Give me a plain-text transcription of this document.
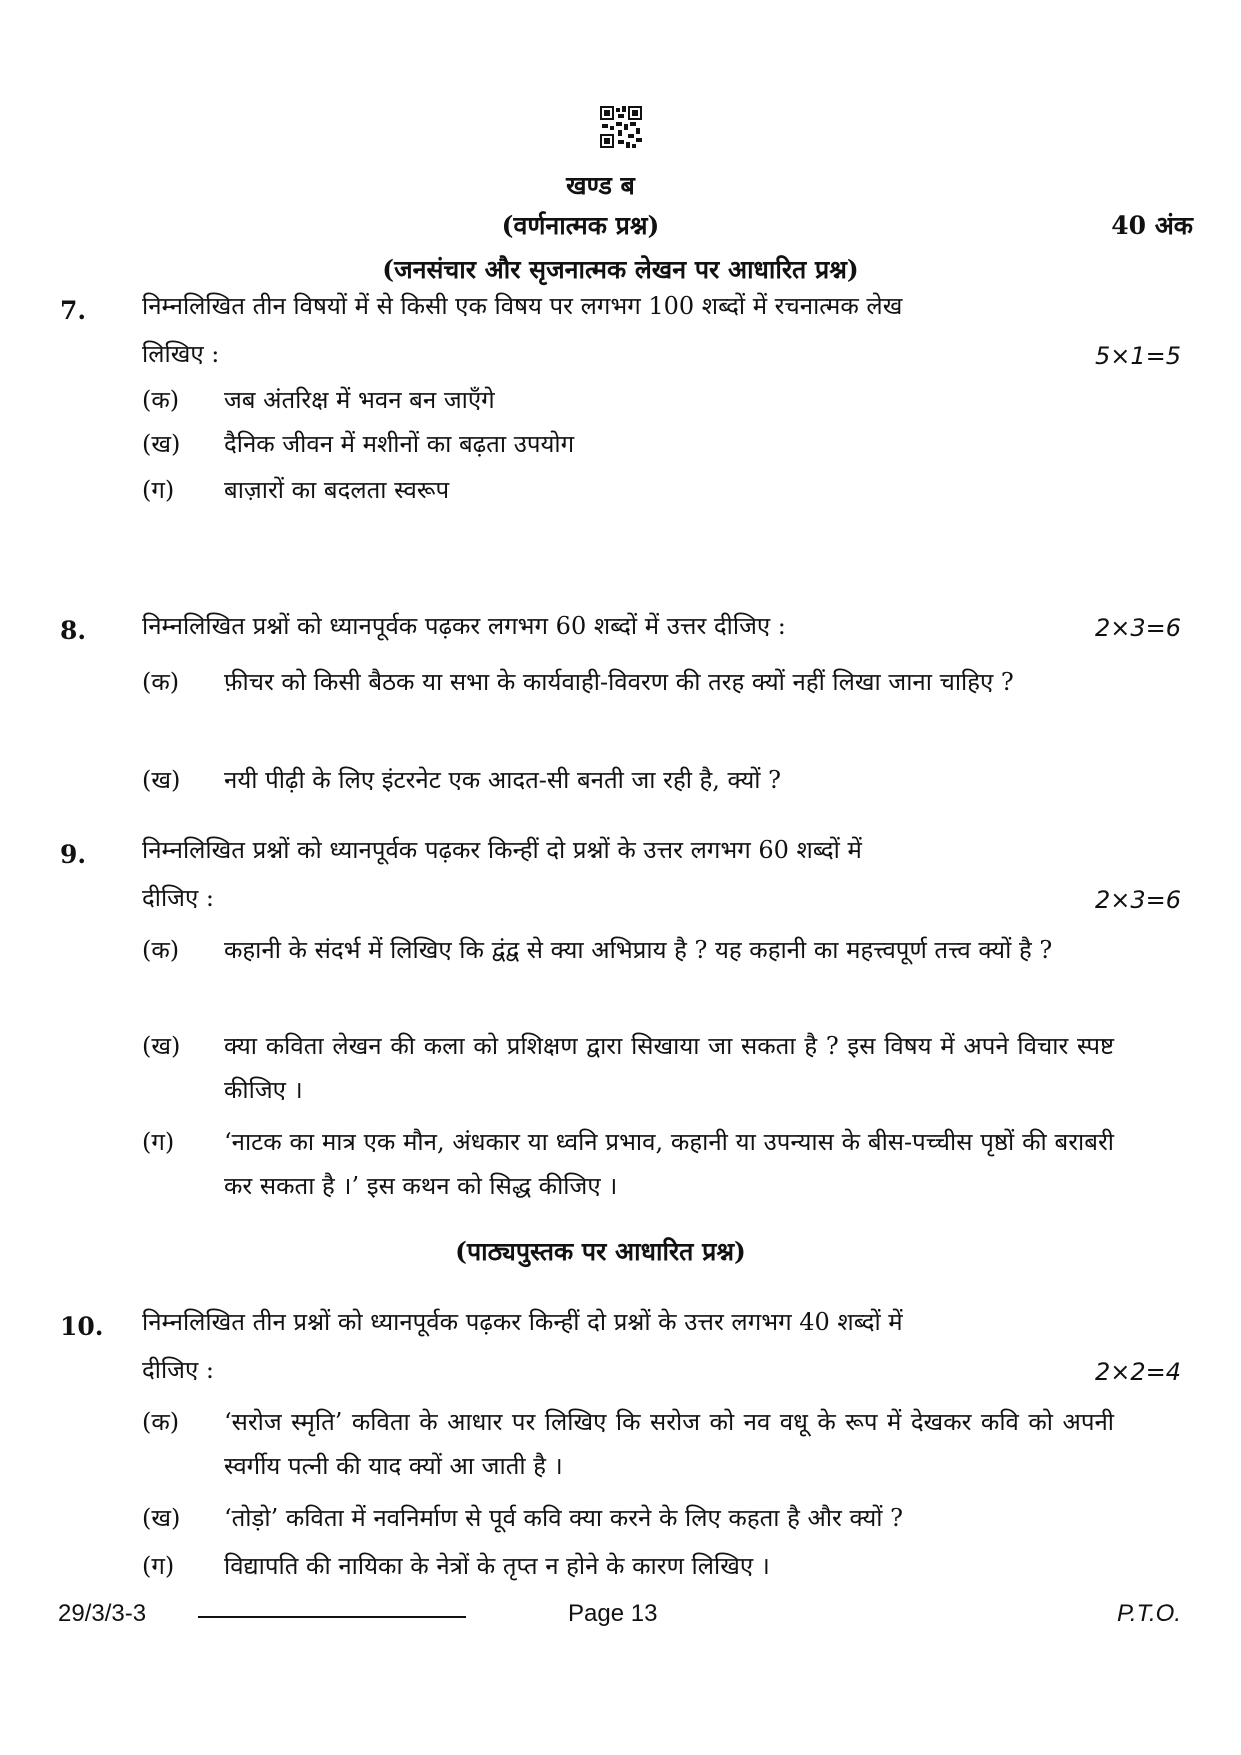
खण्ड ब
(वर्णनात्मक प्रश्न)	40 अंक
(जनसंचार और सृजनात्मक लेखन पर आधारित प्रश्न)
7. निम्नलिखित तीन विषयों में से किसी एक विषय पर लगभग 100 शब्दों में रचनात्मक लेख
लिखिए :	5×1=5
(क)	जब अंतरिक्ष में भवन बन जाएँगे
(ख)	दैनिक जीवन में मशीनों का बढ़ता उपयोग
(ग)	बाज़ारों का बदलता स्वरूप
8. निम्नलिखित प्रश्नों को ध्यानपूर्वक पढ़कर लगभग 60 शब्दों में उत्तर दीजिए :	2×3=6
(क)	फ़ीचर को किसी बैठक या सभा के कार्यवाही-विवरण की तरह क्यों नहीं लिखा जाना चाहिए ?
(ख)	नयी पीढ़ी के लिए इंटरनेट एक आदत-सी बनती जा रही है, क्यों ?
9. निम्नलिखित प्रश्नों को ध्यानपूर्वक पढ़कर किन्हीं दो प्रश्नों के उत्तर लगभग 60 शब्दों में
दीजिए :	2×3=6
(क)	कहानी के संदर्भ में लिखिए कि द्वंद्व से क्या अभिप्राय है ? यह कहानी का महत्त्वपूर्ण तत्त्व क्यों है ?
(ख)	क्या कविता लेखन की कला को प्रशिक्षण द्वारा सिखाया जा सकता है ? इस विषय में अपने विचार स्पष्ट कीजिए ।
(ग)	‘नाटक का मात्र एक मौन, अंधकार या ध्वनि प्रभाव, कहानी या उपन्यास के बीस-पच्चीस पृष्ठों की बराबरी कर सकता है ।’ इस कथन को सिद्ध कीजिए ।
(पाठ्यपुस्तक पर आधारित प्रश्न)
10. निम्नलिखित तीन प्रश्नों को ध्यानपूर्वक पढ़कर किन्हीं दो प्रश्नों के उत्तर लगभग 40 शब्दों में
दीजिए :	2×2=4
(क)	‘सरोज स्मृति’ कविता के आधार पर लिखिए कि सरोज को नव वधू के रूप में देखकर कवि को अपनी स्वर्गीय पत्नी की याद क्यों आ जाती है ।
(ख)	‘तोड़ो’ कविता में नवनिर्माण से पूर्व कवि क्या करने के लिए कहता है और क्यों ?
(ग)	विद्यापति की नायिका के नेत्रों के तृप्त न होने के कारण लिखिए ।
29/3/3-3	Page 13	P.T.O.
